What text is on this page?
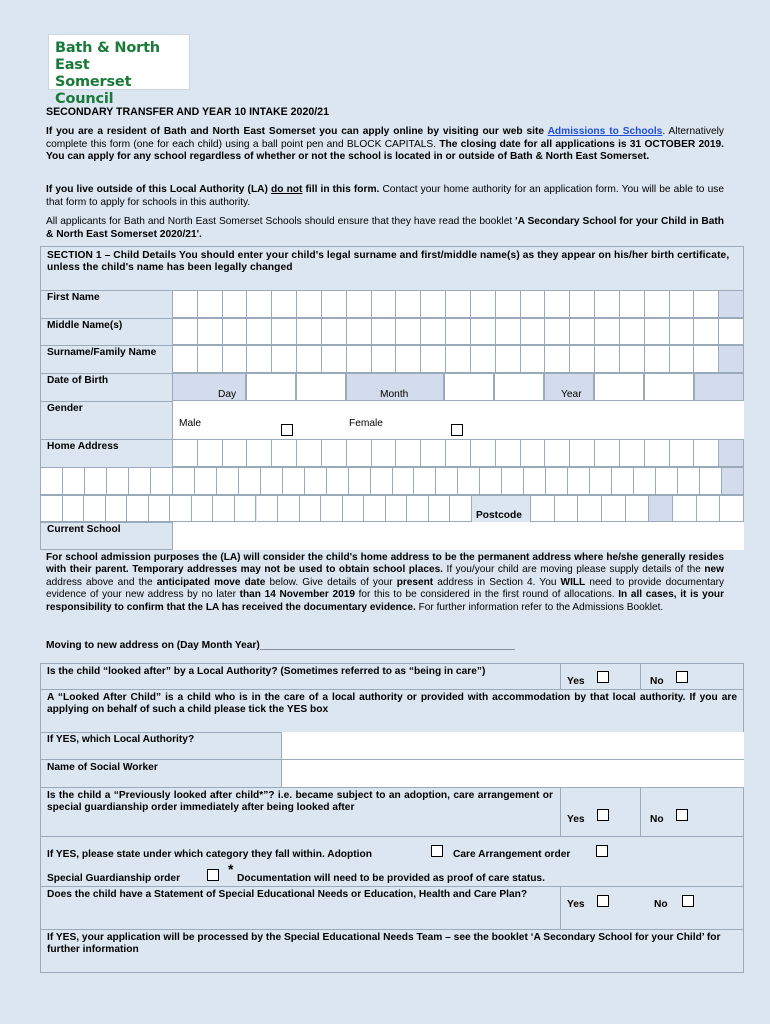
Bath & North East
Somerset Council
SECONDARY TRANSFER AND YEAR 10 INTAKE 2020/21
If you are a resident of Bath and North East Somerset you can apply online by visiting our web site Admissions to Schools. Alternatively complete this form (one for each child) using a ball point pen and BLOCK CAPITALS. The closing date for all applications is 31 OCTOBER 2019. You can apply for any school regardless of whether or not the school is located in or outside of Bath & North East Somerset.
If you live outside of this Local Authority (LA) do not fill in this form. Contact your home authority for an application form. You will be able to use that form to apply for schools in this authority.
All applicants for Bath and North East Somerset Schools should ensure that they have read the booklet 'A Secondary School for your Child in Bath & North East Somerset 2020/21'.
SECTION 1 – Child Details You should enter your child's legal surname and first/middle name(s) as they appear on his/her birth certificate, unless the child's name has been legally changed
First Name
Middle Name(s)
Surname/Family Name
Date of Birth
Gender
Home Address
Current School
Postcode
Day	Month	Year
Male	Female
For school admission purposes the (LA) will consider the child's home address to be the permanent address where he/she generally resides with their parent. Temporary addresses may not be used to obtain school places. If you/your child are moving please supply details of the new address above and the anticipated move date below. Give details of your present address in Section 4. You WILL need to provide documentary evidence of your new address by no later than 14 November 2019 for this to be considered in the first round of allocations. In all cases, it is your responsibility to confirm that the LA has received the documentary evidence. For further information refer to the Admissions Booklet.
Moving to new address on (Day Month Year)_____________________________________________
Is the child “looked after” by a Local Authority? (Sometimes referred to as “being in care”)
Yes	No
A “Looked After Child” is a child who is in the care of a local authority or provided with accommodation by that local authority. If you are applying on behalf of such a child please tick the YES box
If YES, which Local Authority?
Name of Social Worker
Is the child a “Previously looked after child*”? i.e. became subject to an adoption, care arrangement or special guardianship order immediately after being looked after
Yes	No
If YES, please state under which category they fall within. Adoption	Care Arrangement order
Special Guardianship order
*
Documentation will need to be provided as proof of care status.
Does the child have a Statement of Special Educational Needs or Education, Health and Care Plan?
Yes	No
If YES, your application will be processed by the Special Educational Needs Team – see the booklet ‘A Secondary School for your Child’ for further information
